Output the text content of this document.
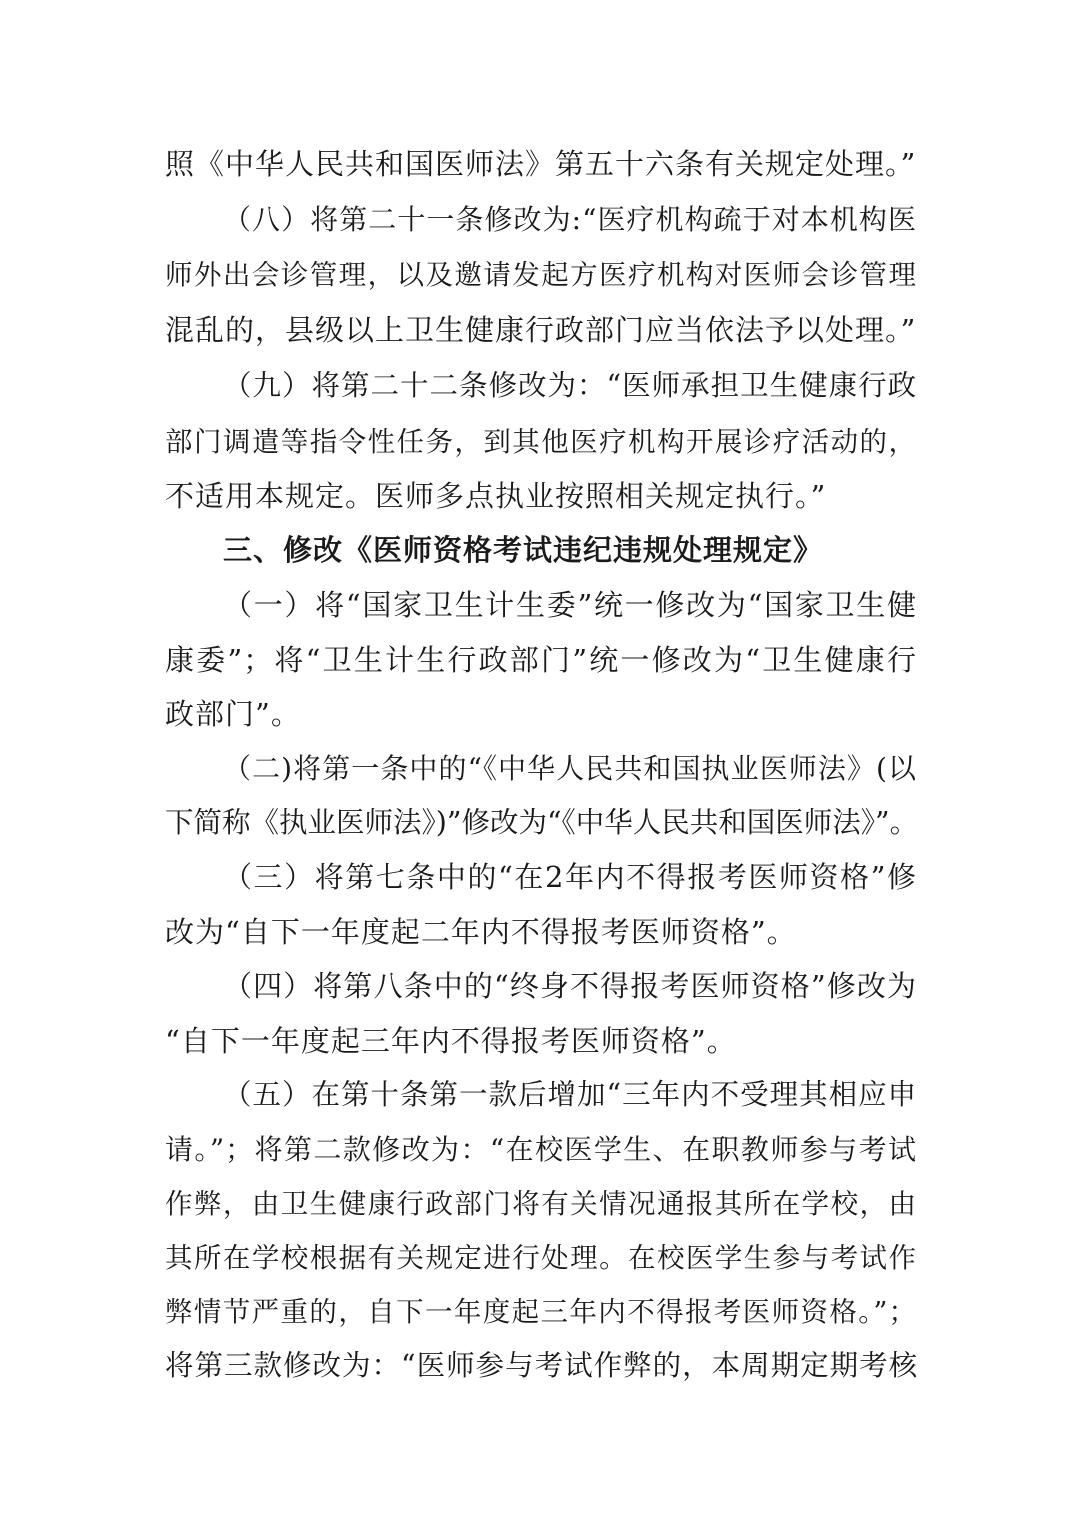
照《中华人民共和国医师法》第五十六条有关规定处理。”
（八）将第二十一条修改为:“医疗机构疏于对本机构医
师外出会诊管理，以及邀请发起方医疗机构对医师会诊管理
混乱的，县级以上卫生健康行政部门应当依法予以处理。”
（九）将第二十二条修改为：“医师承担卫生健康行政
部门调遣等指令性任务，到其他医疗机构开展诊疗活动的，
不适用本规定。医师多点执业按照相关规定执行。”
三、修改《医师资格考试违纪违规处理规定》
（一）将“国家卫生计生委”统一修改为“国家卫生健
康委”；将“卫生计生行政部门”统一修改为“卫生健康行
政部门”。
（二)将第一条中的“《中华人民共和国执业医师法》(以
下简称《执业医师法》)”修改为“《中华人民共和国医师法》”。
（三）将第七条中的“在2年内不得报考医师资格”修
改为“自下一年度起二年内不得报考医师资格”。
（四）将第八条中的“终身不得报考医师资格”修改为
“自下一年度起三年内不得报考医师资格”。
（五）在第十条第一款后增加“三年内不受理其相应申
请。”；将第二款修改为：“在校医学生、在职教师参与考试
作弊，由卫生健康行政部门将有关情况通报其所在学校，由
其所在学校根据有关规定进行处理。在校医学生参与考试作
弊情节严重的，自下一年度起三年内不得报考医师资格。”；
将第三款修改为：“医师参与考试作弊的，本周期定期考核
